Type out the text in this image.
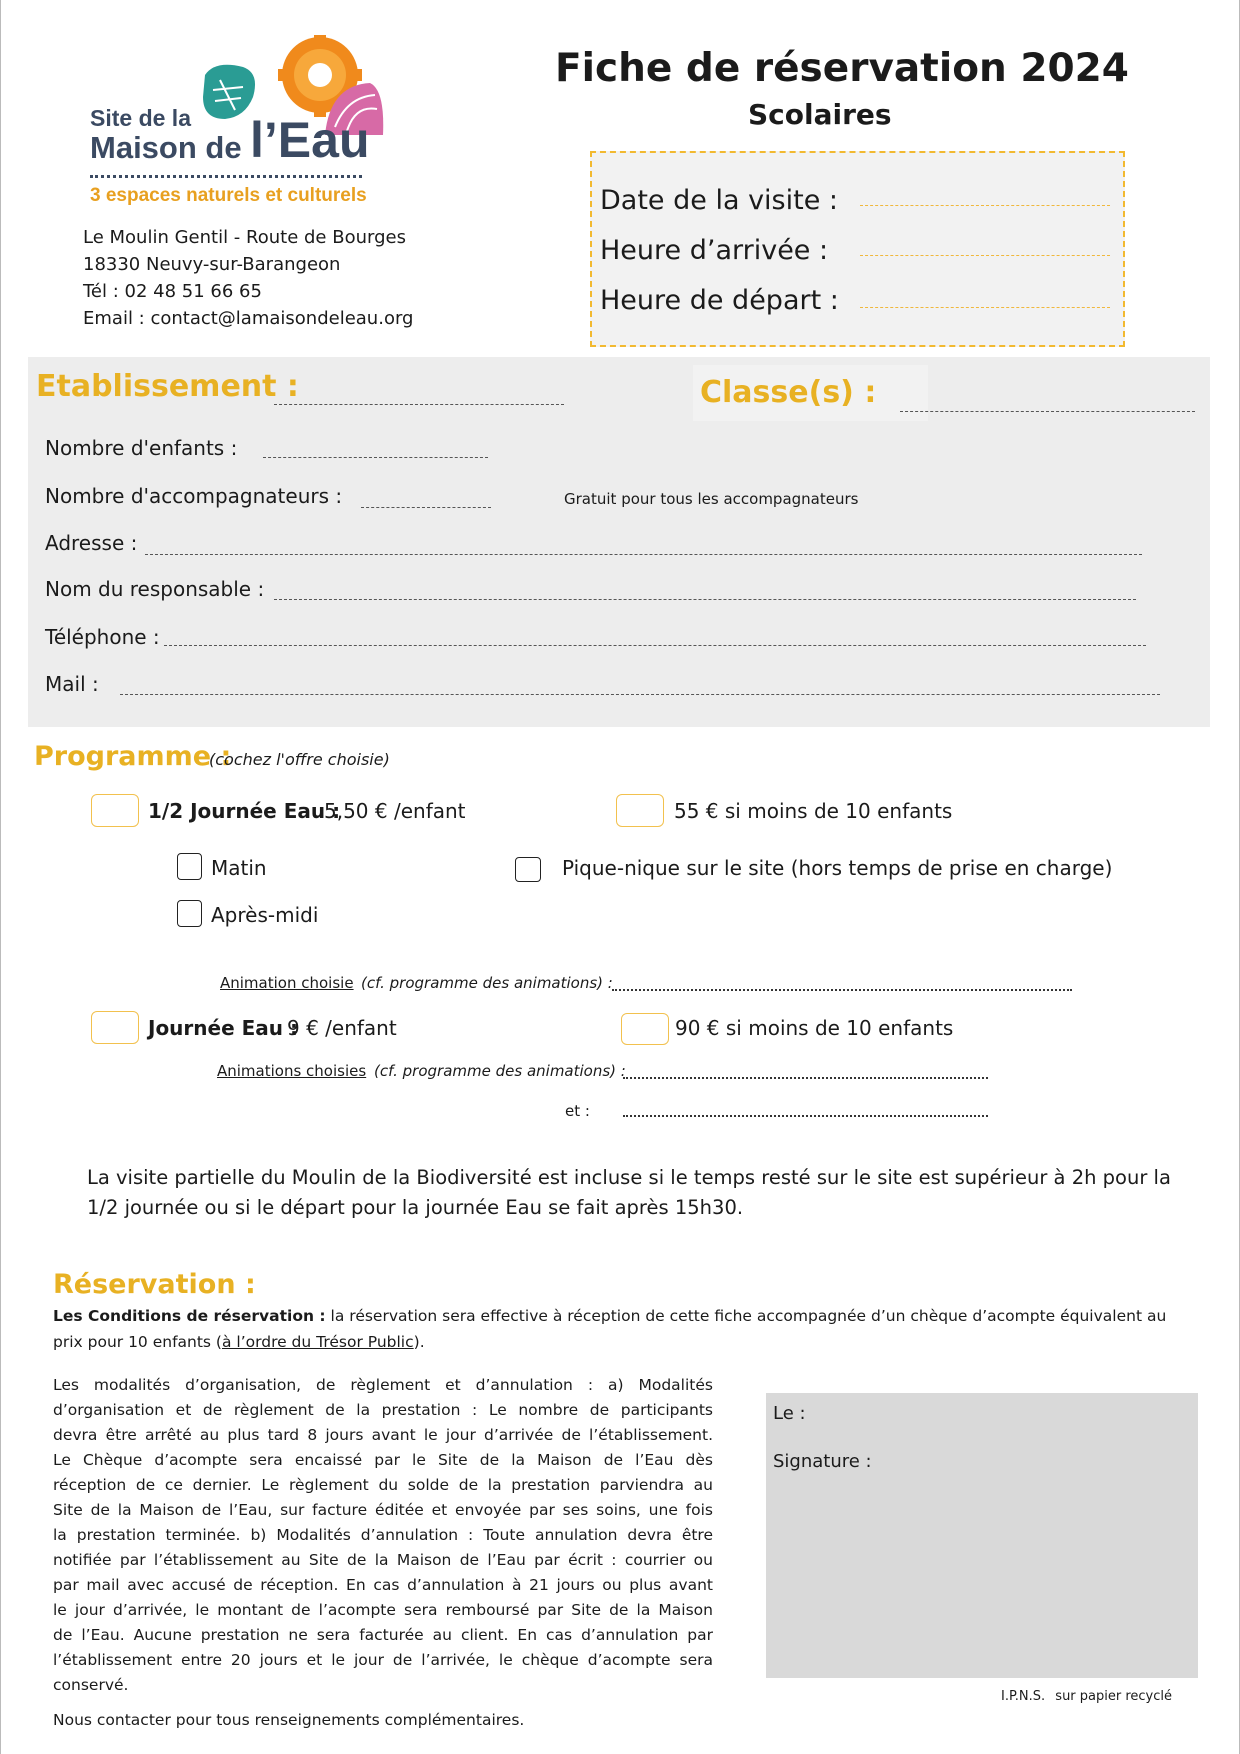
Site de la
Maison de l’Eau
3 espaces naturels et culturels
Le Moulin Gentil - Route de Bourges
18330 Neuvy-sur-Barangeon
Tél : 02 48 51 66 65
Email : contact@lamaisondeleau.org
Fiche de réservation 2024
Scolaires
Date de la visite :
Heure d’arrivée :
Heure de départ :
Etablissement :	Classe(s) :
Nombre d'enfants :
Nombre d'accompagnateurs :	Gratuit pour tous les accompagnateurs
Adresse :
Nom du responsable :
Téléphone :
Mail :
Programme :
(cochez l'offre choisie)
1/2 Journée Eau :
5,50 € /enfant	55 € si moins de 10 enfants
Matin	Pique-nique sur le site (hors temps de prise en charge)
Après-midi
Animation choisie (cf. programme des animations) :
Journée Eau :
9 € /enfant	90 € si moins de 10 enfants
Animations choisies (cf. programme des animations) :
et :
La visite partielle du Moulin de la Biodiversité est incluse si le temps resté sur le site est supérieur à 2h pour la
1/2 journée ou si le départ pour la journée Eau se fait après 15h30.
Réservation :
Les Conditions de réservation : la réservation sera effective à réception de cette fiche accompagnée d’un chèque d’acompte équivalent au
prix pour 10 enfants (à l’ordre du Trésor Public).
Les modalités d’organisation, de règlement et d’annulation : a) Modalités
d’organisation et de règlement de la prestation : Le nombre de participants
devra être arrêté au plus tard 8 jours avant le jour d’arrivée de l’établissement.
Le Chèque d’acompte sera encaissé par le Site de la Maison de l’Eau dès
réception de ce dernier. Le règlement du solde de la prestation parviendra au
Site de la Maison de l’Eau, sur facture éditée et envoyée par ses soins, une fois
la prestation terminée. b) Modalités d’annulation : Toute annulation devra être
notifiée par l’établissement au Site de la Maison de l’Eau par écrit : courrier ou
par mail avec accusé de réception. En cas d’annulation à 21 jours ou plus avant
le jour d’arrivée, le montant de l’acompte sera remboursé par Site de la Maison
de l’Eau. Aucune prestation ne sera facturée au client. En cas d’annulation par
l’établissement entre 20 jours et le jour de l’arrivée, le chèque d’acompte sera
conservé.
Nous contacter pour tous renseignements complémentaires.
Le :
Signature :
I.P.N.S. sur papier recyclé
